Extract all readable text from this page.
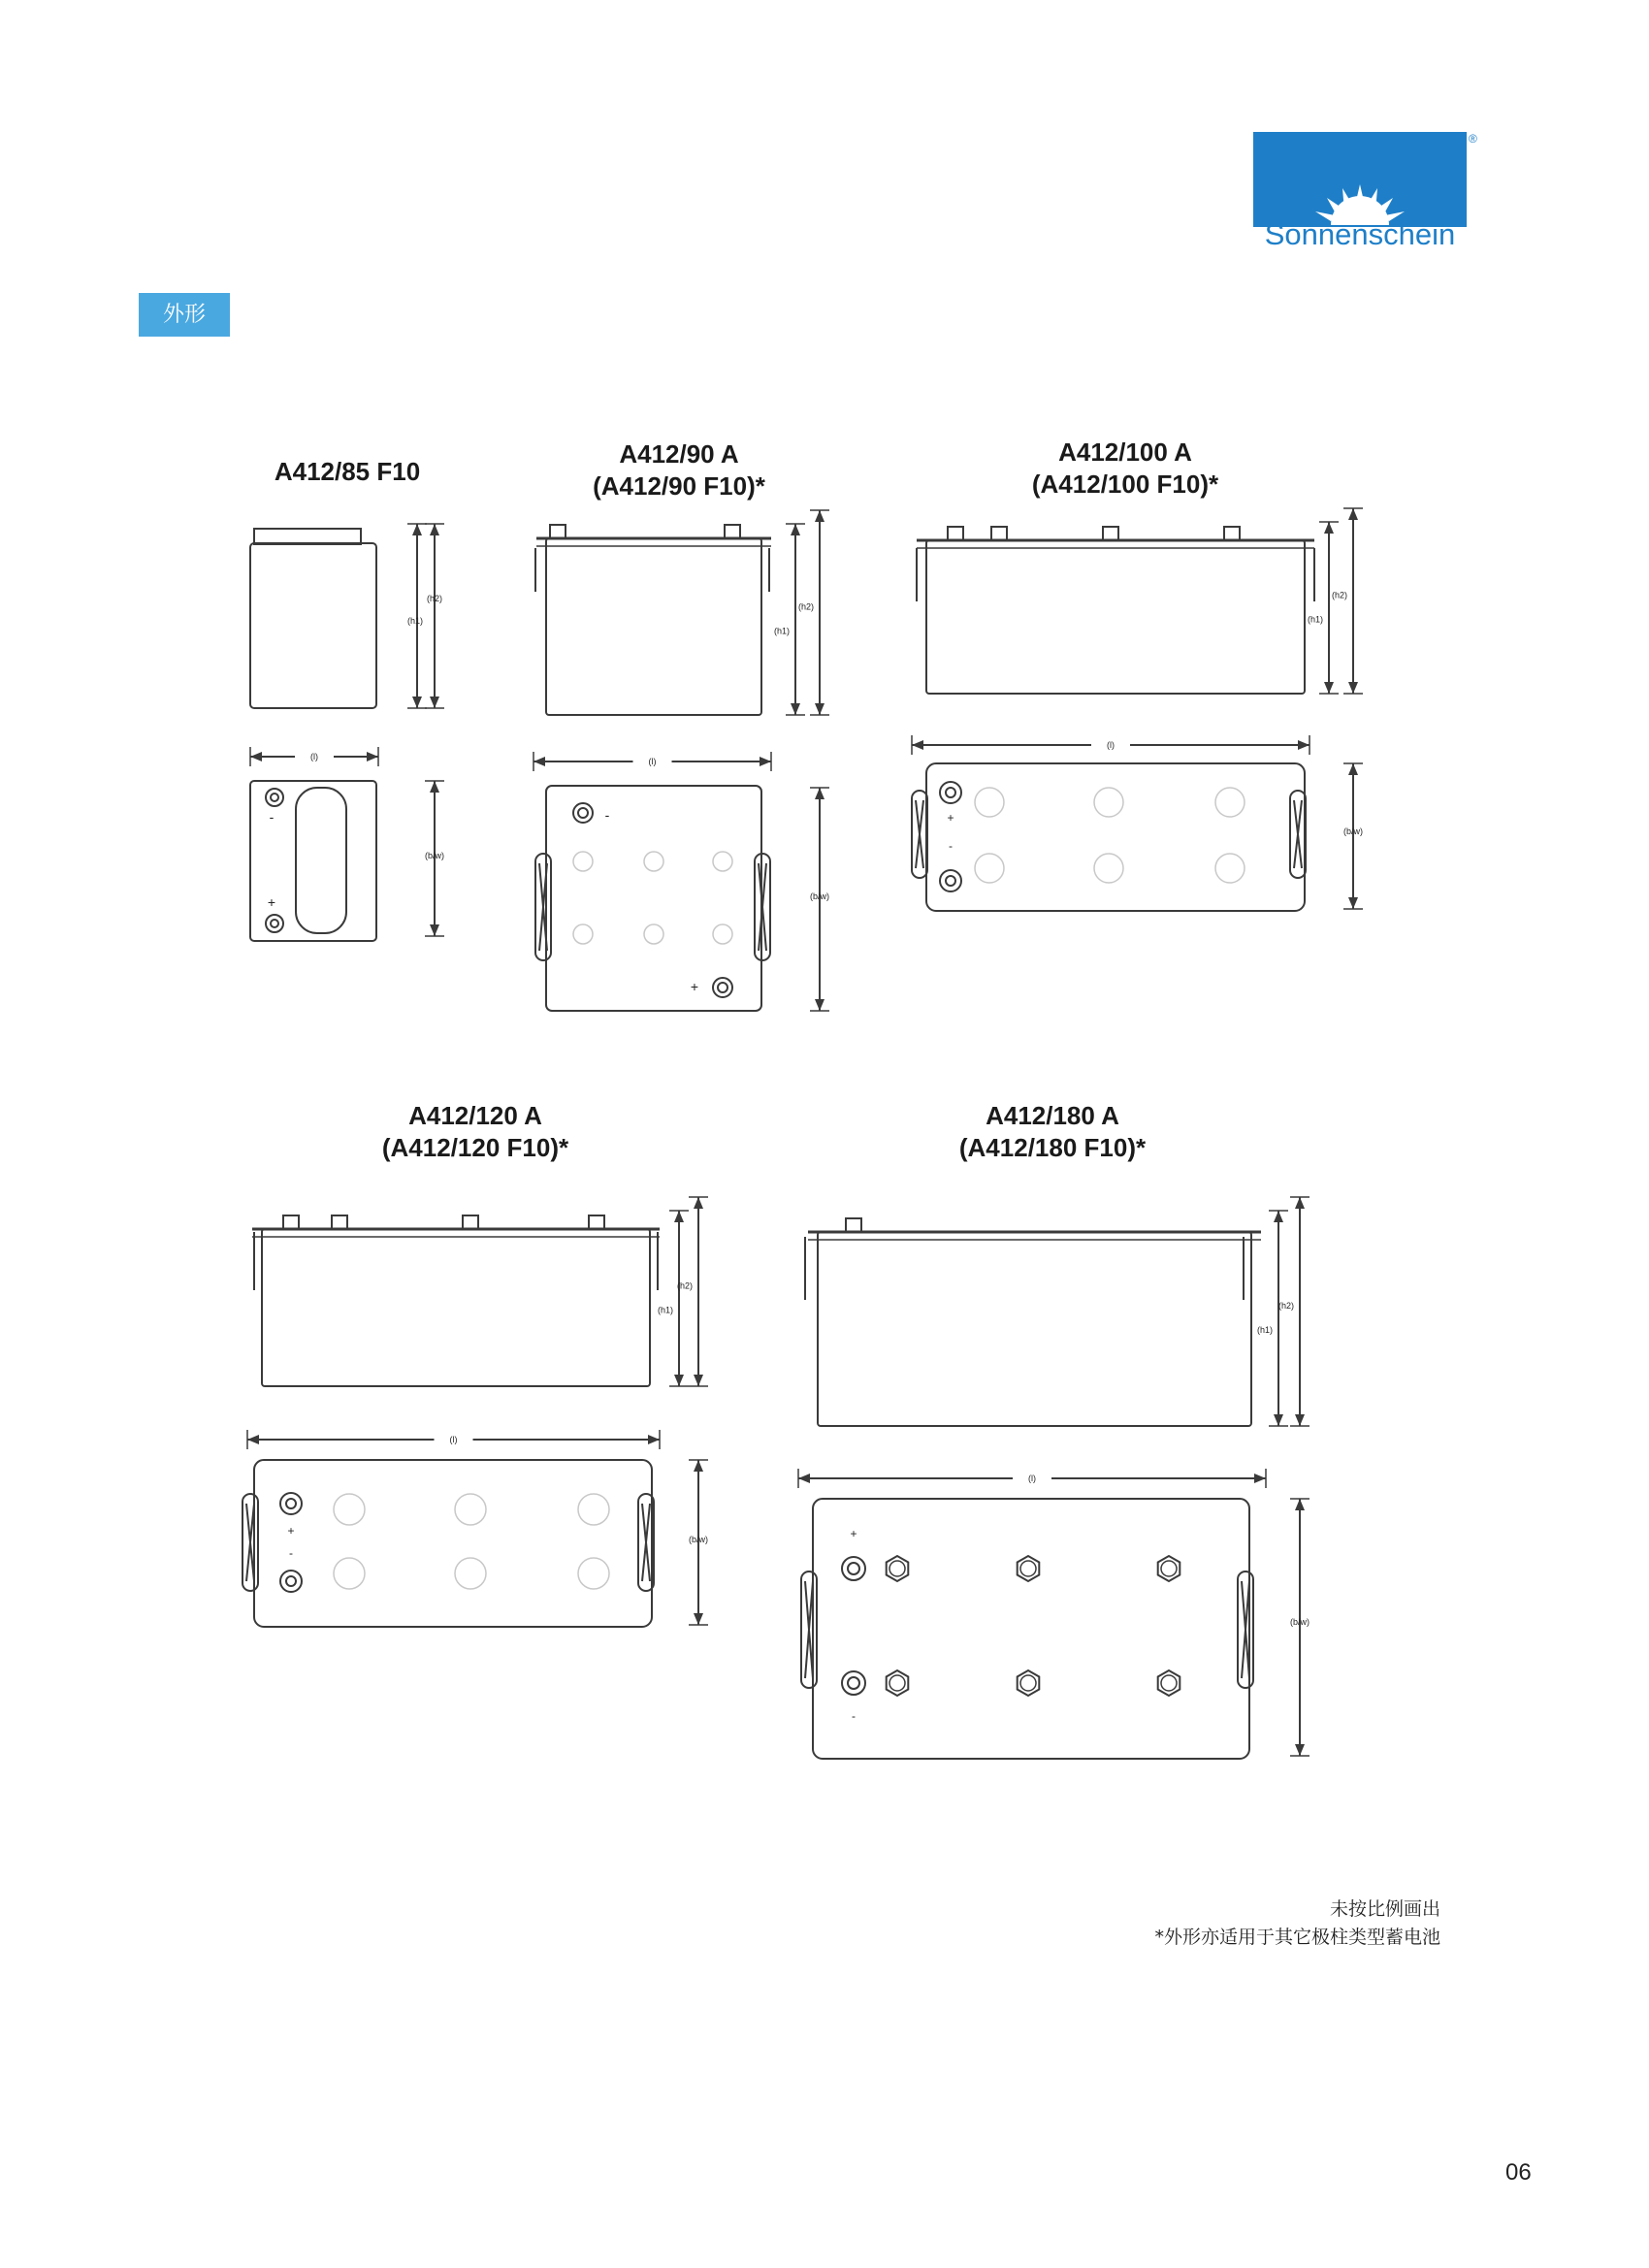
Sonnenschein
®
外形
A412/85 F10
A412/90 A
(A412/90 F10)*
A412/100 A
(A412/100 F10)*
A412/120 A
(A412/120 F10)*
A412/180 A
(A412/180 F10)*
(h1)
(h2)
(l)
-
+
(b/w)
(h1)
(h2)
(l)
-
+
(b/w)
(h1)
(h2)
(l)
+
-
(b/w)
(h1)
(h2)
(l)
+
-
(b/w)
(h1)
(h2)
(l)
+
-
(b/w)
未按比例画出
*外形亦适用于其它极柱类型蓄电池
06
